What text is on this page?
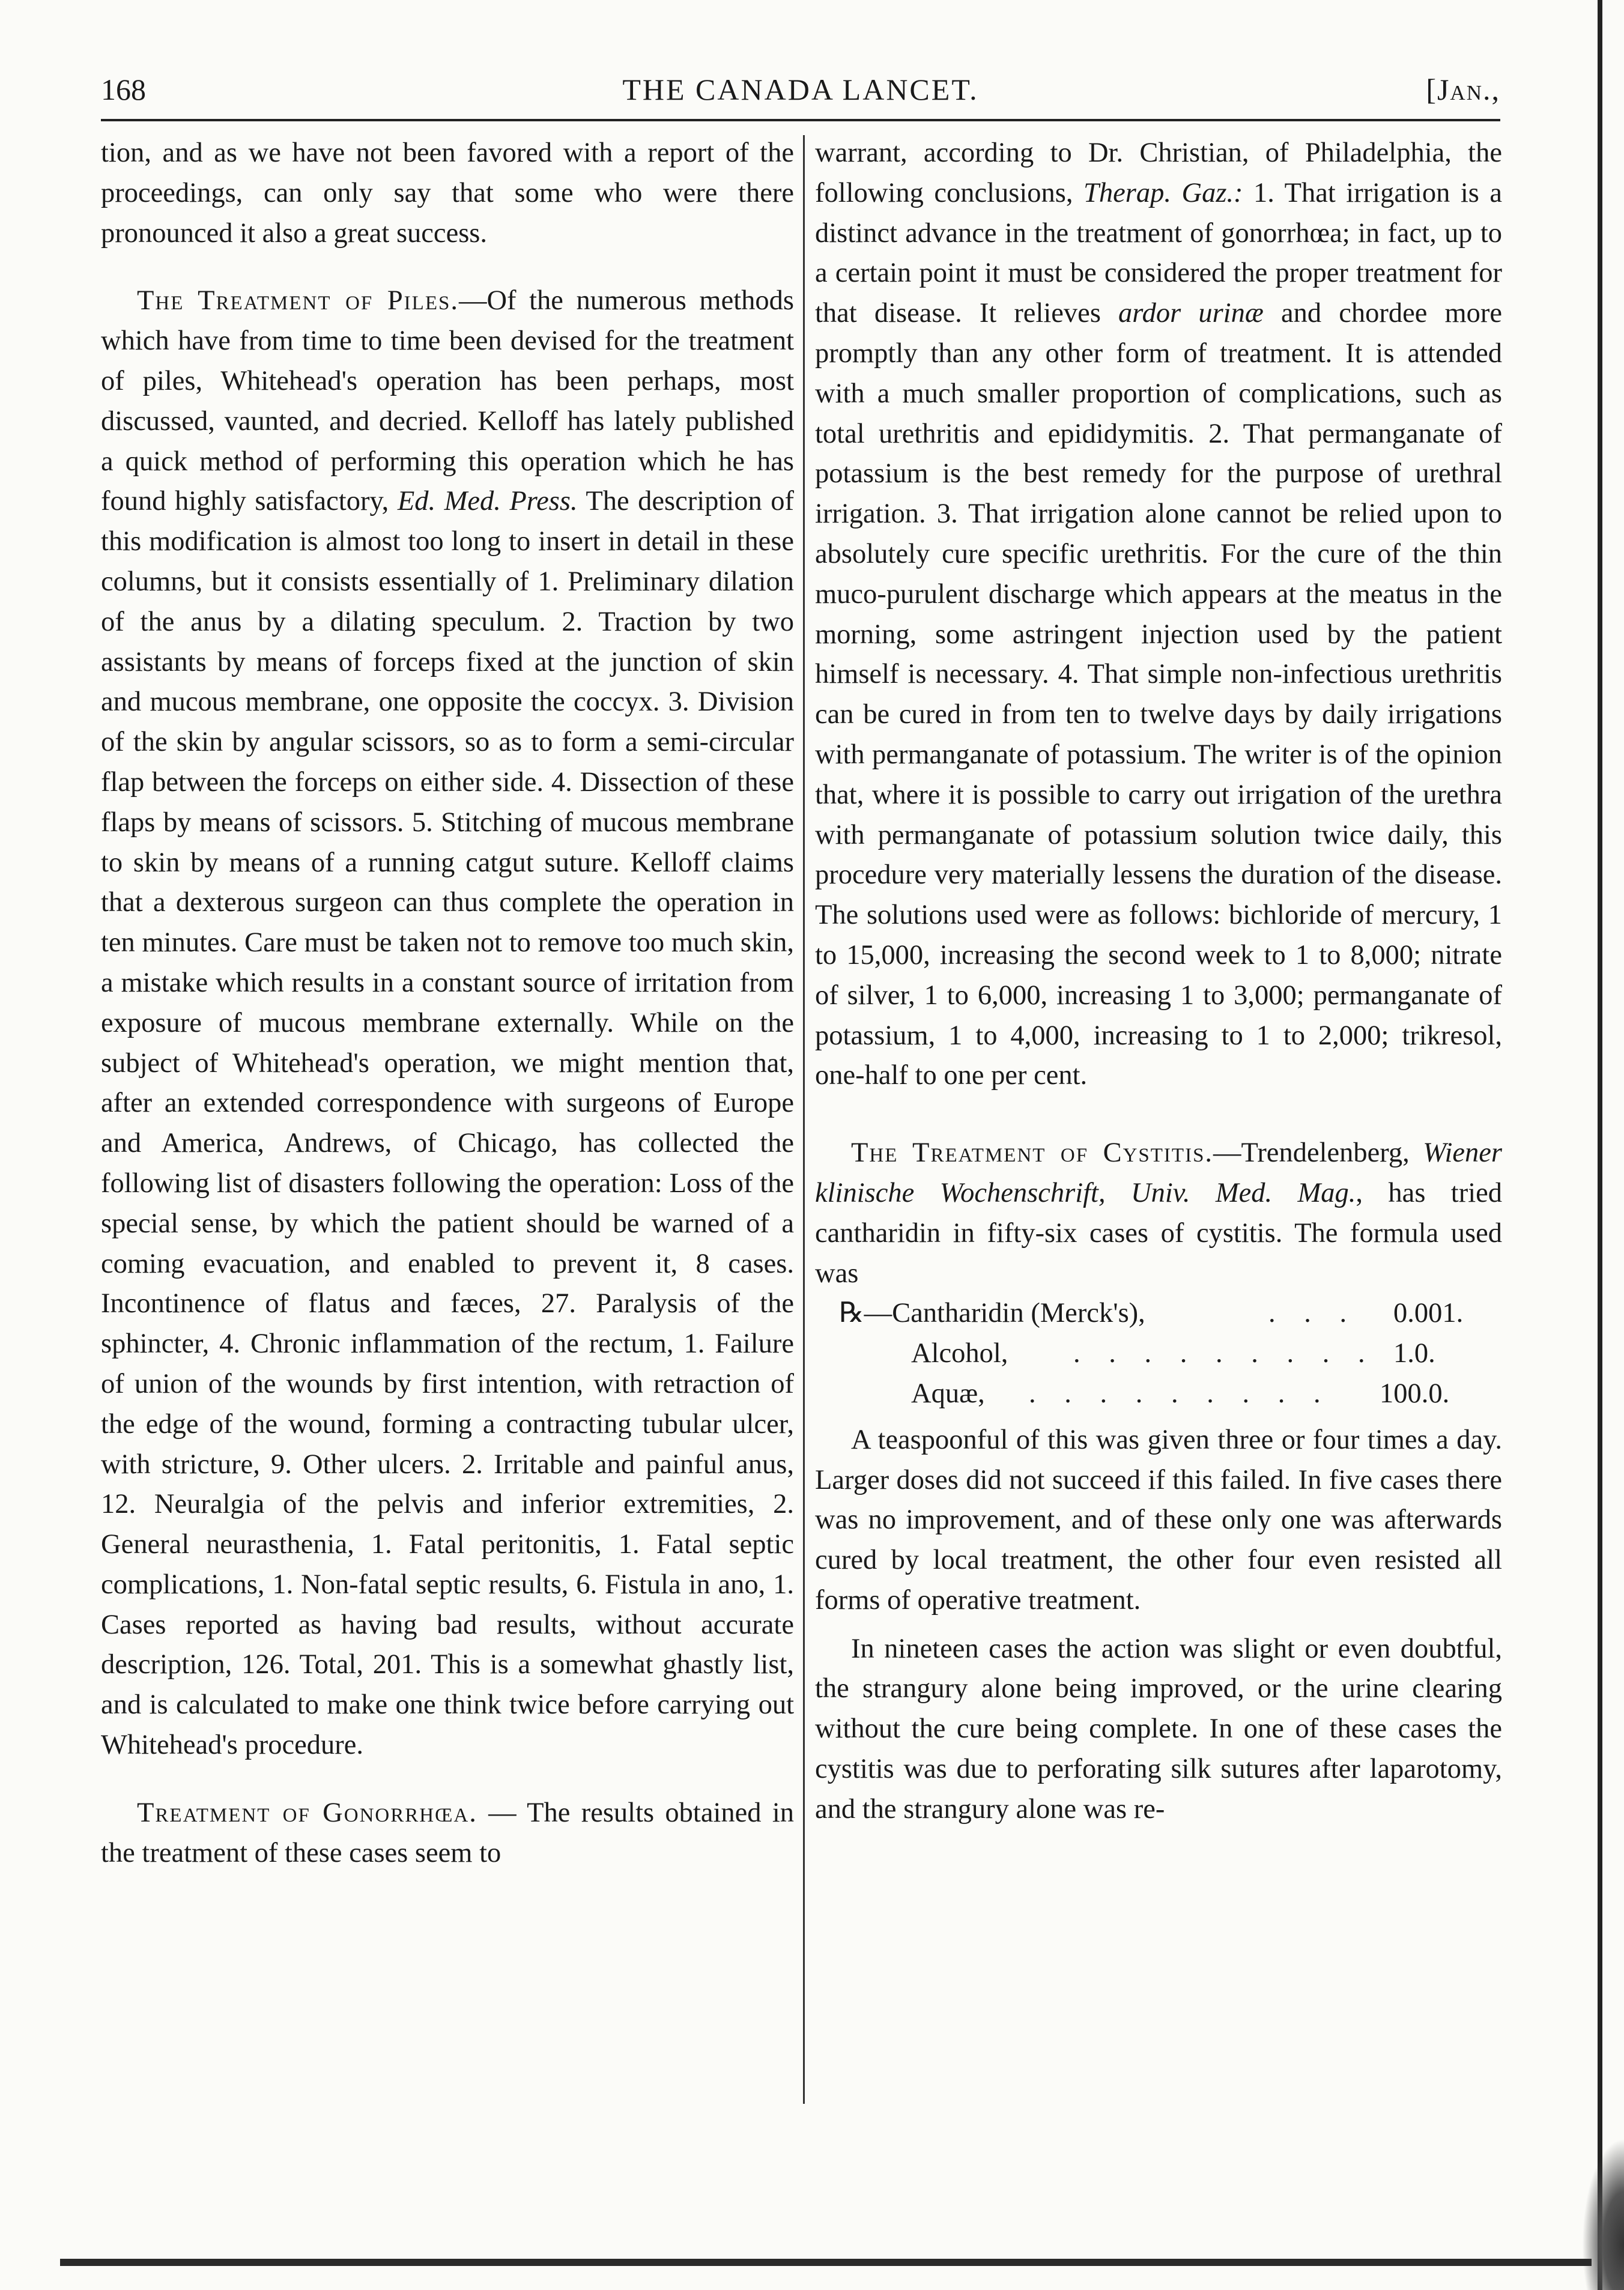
168	THE CANADA LANCET.	[Jan.,

tion, and as we have not been favored with a report of the proceedings, can only say that some who were there pronounced it also a great success.

The Treatment of Piles.—Of the numerous methods which have from time to time been devised for the treatment of piles, Whitehead's operation has been perhaps, most discussed, vaunted, and decried. Kelloff has lately published a quick method of performing this operation which he has found highly satisfactory, Ed. Med. Press. The description of this modification is almost too long to insert in detail in these columns, but it consists essentially of 1. Preliminary dilation of the anus by a dilating speculum. 2. Traction by two assistants by means of forceps fixed at the junction of skin and mucous membrane, one opposite the coccyx. 3. Division of the skin by angular scissors, so as to form a semi-circular flap between the forceps on either side. 4. Dissection of these flaps by means of scissors. 5. Stitching of mucous membrane to skin by means of a running catgut suture. Kelloff claims that a dexterous surgeon can thus complete the operation in ten minutes. Care must be taken not to remove too much skin, a mistake which results in a constant source of irritation from exposure of mucous membrane externally. While on the subject of Whitehead's operation, we might mention that, after an extended correspondence with surgeons of Europe and America, Andrews, of Chicago, has collected the following list of disasters following the operation: Loss of the special sense, by which the patient should be warned of a coming evacuation, and enabled to prevent it, 8 cases. Incontinence of flatus and fæces, 27. Paralysis of the sphincter, 4. Chronic inflammation of the rectum, 1. Failure of union of the wounds by first intention, with retraction of the edge of the wound, forming a contracting tubular ulcer, with stricture, 9. Other ulcers. 2. Irritable and painful anus, 12. Neuralgia of the pelvis and inferior extremities, 2. General neurasthenia, 1. Fatal peritonitis, 1. Fatal septic complications, 1. Non-fatal septic results, 6. Fistula in ano, 1. Cases reported as having bad results, without accurate description, 126. Total, 201. This is a somewhat ghastly list, and is calculated to make one think twice before carrying out Whitehead's procedure.

Treatment of Gonorrhœa. — The results obtained in the treatment of these cases seem to

warrant, according to Dr. Christian, of Philadelphia, the following conclusions, Therap. Gaz.: 1. That irrigation is a distinct advance in the treatment of gonorrhœa; in fact, up to a certain point it must be considered the proper treatment for that disease. It relieves ardor urinæ and chordee more promptly than any other form of treatment. It is attended with a much smaller proportion of complications, such as total urethritis and epididymitis. 2. That permanganate of potassium is the best remedy for the purpose of urethral irrigation. 3. That irrigation alone cannot be relied upon to absolutely cure specific urethritis. For the cure of the thin muco-purulent discharge which appears at the meatus in the morning, some astringent injection used by the patient himself is necessary. 4. That simple non-infectious urethritis can be cured in from ten to twelve days by daily irrigations with permanganate of potassium. The writer is of the opinion that, where it is possible to carry out irrigation of the urethra with permanganate of potassium solution twice daily, this procedure very materially lessens the duration of the disease. The solutions used were as follows: bichloride of mercury, 1 to 15,000, increasing the second week to 1 to 8,000; nitrate of silver, 1 to 6,000, increasing 1 to 3,000; permanganate of potassium, 1 to 4,000, increasing to 1 to 2,000; trikresol, one-half to one per cent.

The Treatment of Cystitis.—Trendelenberg, Wiener klinische Wochenschrift, Univ. Med. Mag., has tried cantharidin in fifty-six cases of cystitis. The formula used was

℞—Cantharidin (Merck's),	. . . 0.001.
Alcohol, . . . . . . . . . 1.0.
Aquæ, . . . . . . . . . 100.0.

A teaspoonful of this was given three or four times a day. Larger doses did not succeed if this failed. In five cases there was no improvement, and of these only one was afterwards cured by local treatment, the other four even resisted all forms of operative treatment.

In nineteen cases the action was slight or even doubtful, the strangury alone being improved, or the urine clearing without the cure being complete. In one of these cases the cystitis was due to perforating silk sutures after laparotomy, and the strangury alone was re-
